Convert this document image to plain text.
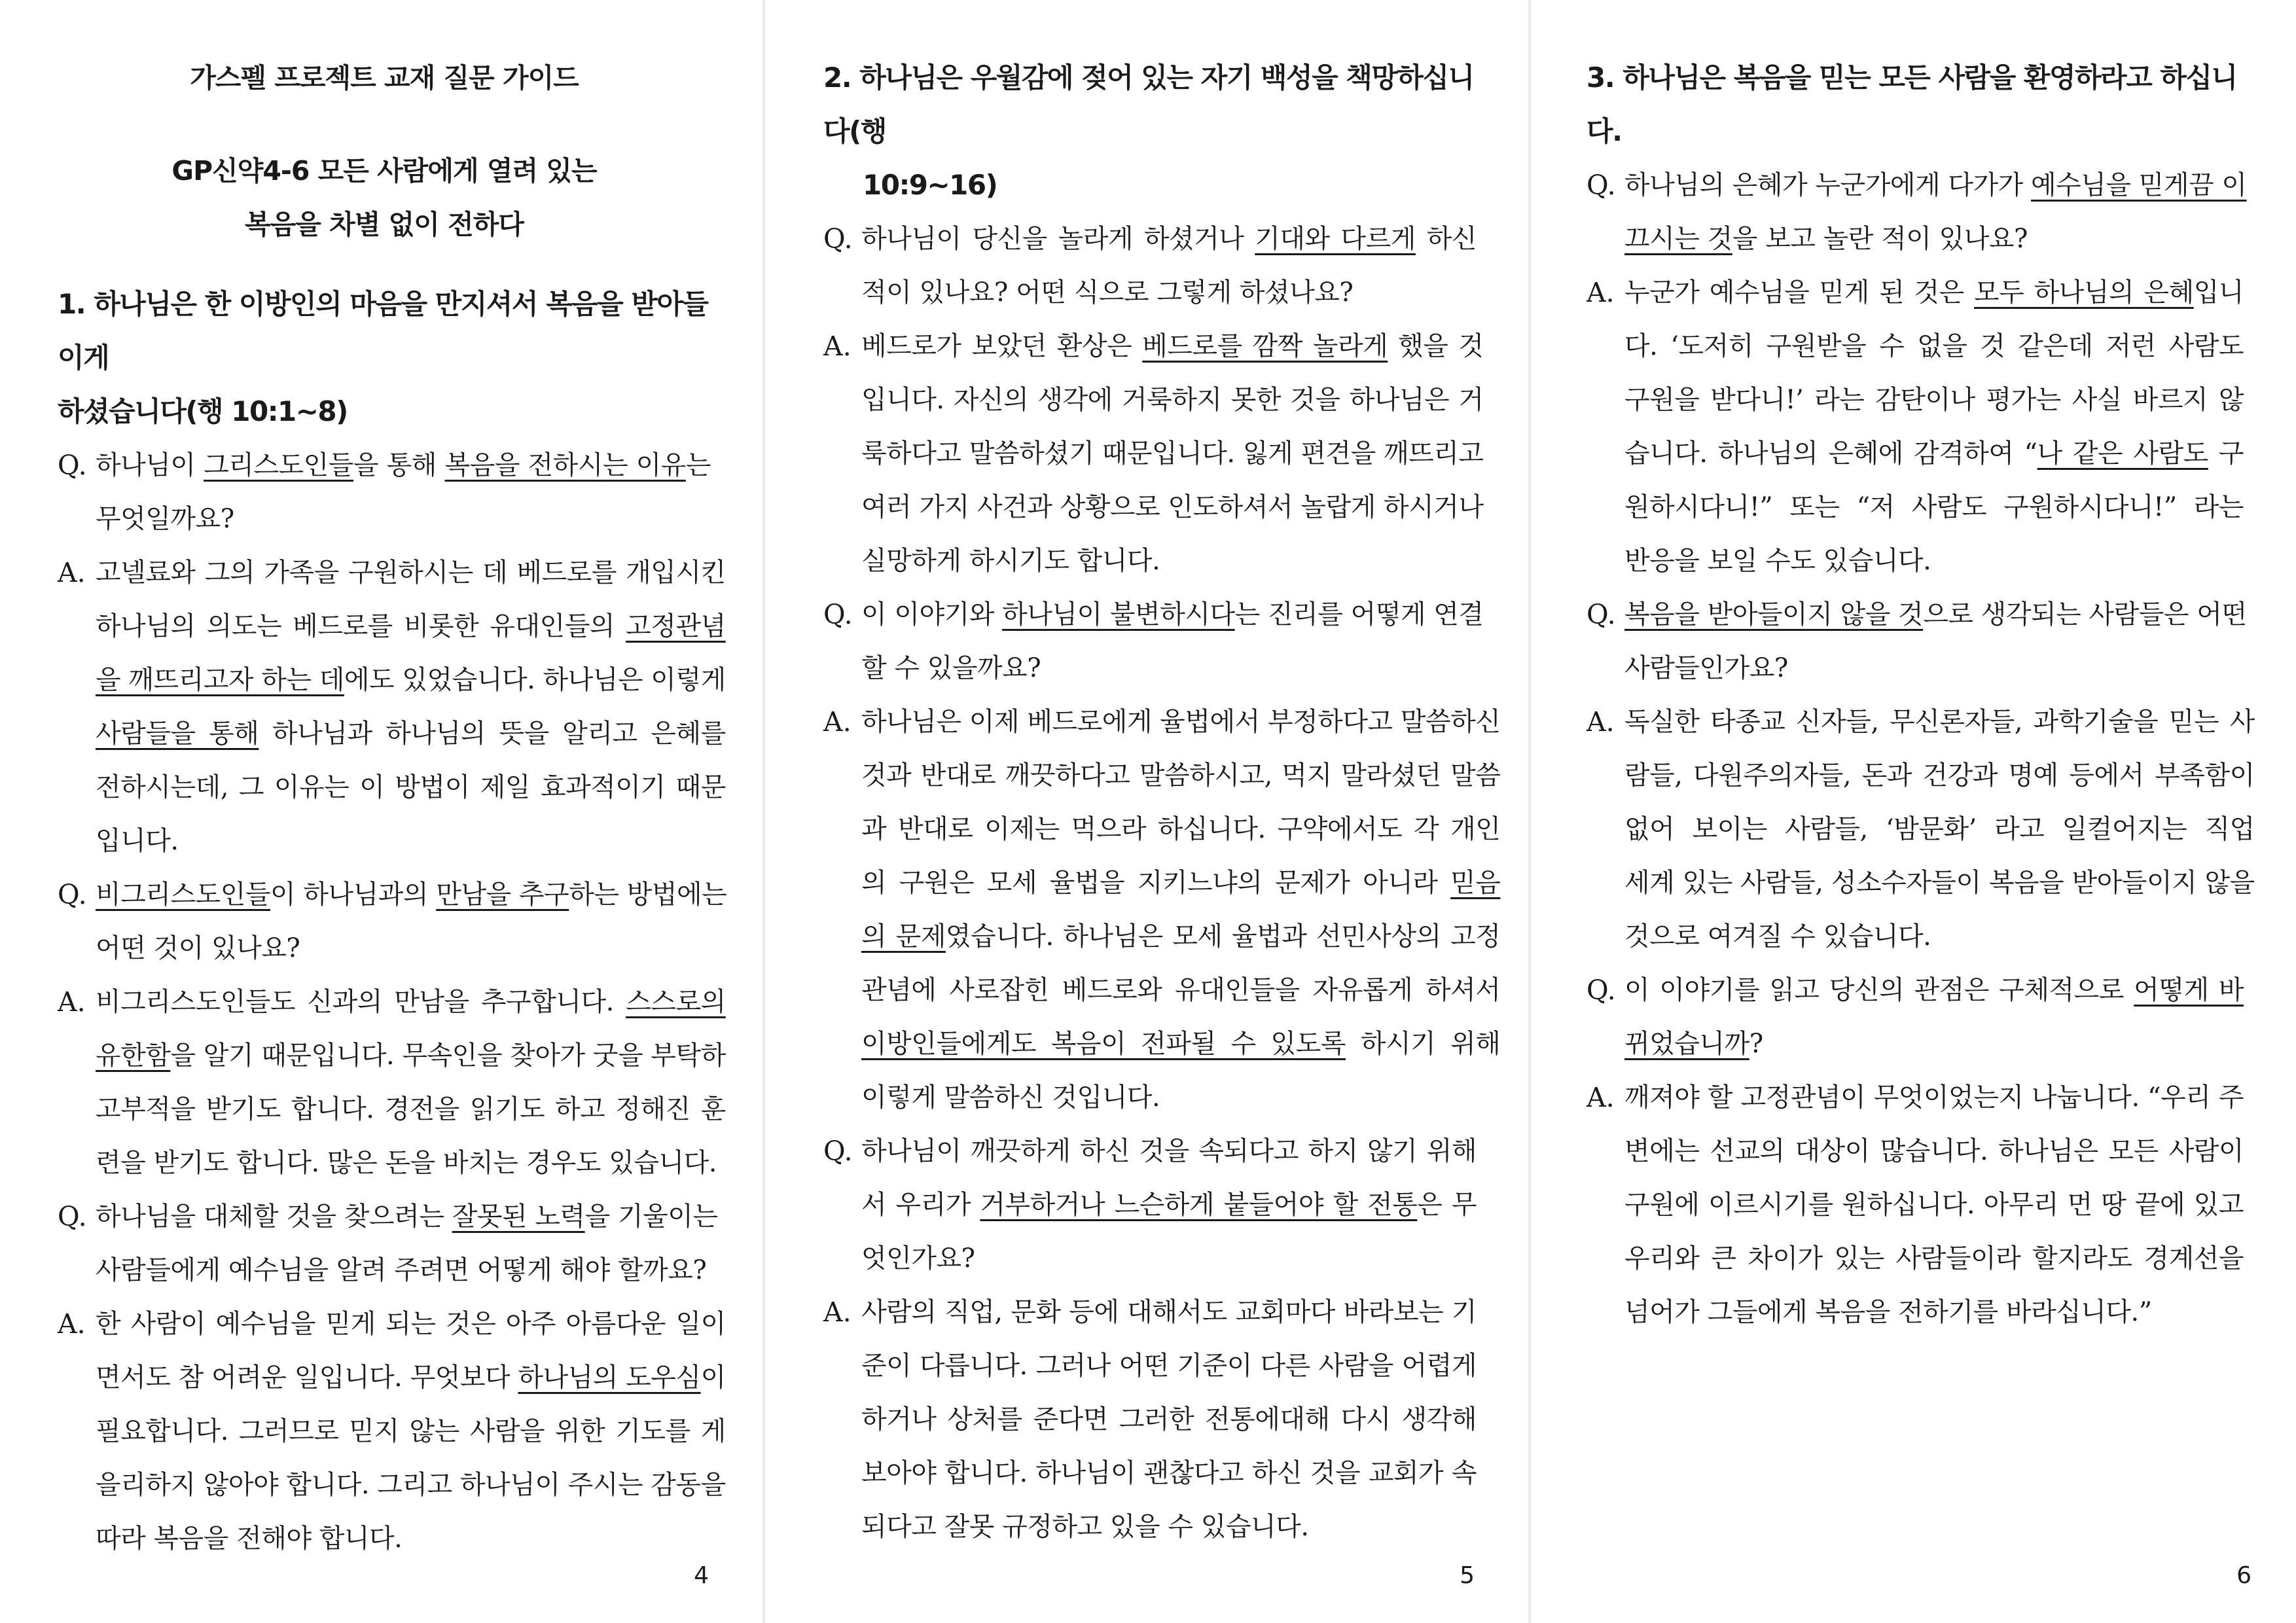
가스펠 프로젝트 교재 질문 가이드
GP신약4-6 모든 사람에게 열려 있는
복음을 차별 없이 전하다
1. 하나님은 한 이방인의 마음을 만지셔서 복음을 받아들이게
하셨습니다(행 10:1~8)
Q. 하나님이 그리스도인들을 통해 복음을 전하시는 이유는
무엇일까요?
A. 고넬료와 그의 가족을 구원하시는 데 베드로를 개입시킨
하나님의 의도는 베드로를 비롯한 유대인들의 고정관념
을 깨뜨리고자 하는 데에도 있었습니다. 하나님은 이렇게
사람들을 통해 하나님과 하나님의 뜻을 알리고 은혜를
전하시는데, 그 이유는 이 방법이 제일 효과적이기 때문
입니다.
Q. 비그리스도인들이 하나님과의 만남을 추구하는 방법에는
어떤 것이 있나요?
A. 비그리스도인들도 신과의 만남을 추구합니다. 스스로의
유한함을 알기 때문입니다. 무속인을 찾아가 굿을 부탁하
고부적을 받기도 합니다. 경전을 읽기도 하고 정해진 훈
련을 받기도 합니다. 많은 돈을 바치는 경우도 있습니다.
Q. 하나님을 대체할 것을 찾으려는 잘못된 노력을 기울이는
사람들에게 예수님을 알려 주려면 어떻게 해야 할까요?
A. 한 사람이 예수님을 믿게 되는 것은 아주 아름다운 일이
면서도 참 어려운 일입니다. 무엇보다 하나님의 도우심이
필요합니다. 그러므로 믿지 않는 사람을 위한 기도를 게
을리하지 않아야 합니다. 그리고 하나님이 주시는 감동을
따라 복음을 전해야 합니다.
4
2. 하나님은 우월감에 젖어 있는 자기 백성을 책망하십니다(행
10:9~16)
Q. 하나님이 당신을 놀라게 하셨거나 기대와 다르게 하신
적이 있나요? 어떤 식으로 그렇게 하셨나요?
A. 베드로가 보았던 환상은 베드로를 깜짝 놀라게 했을 것
입니다. 자신의 생각에 거룩하지 못한 것을 하나님은 거
룩하다고 말씀하셨기 때문입니다. 잃게 편견을 깨뜨리고
여러 가지 사건과 상황으로 인도하셔서 놀랍게 하시거나
실망하게 하시기도 합니다.
Q. 이 이야기와 하나님이 불변하시다는 진리를 어떻게 연결
할 수 있을까요?
A. 하나님은 이제 베드로에게 율법에서 부정하다고 말씀하신
것과 반대로 깨끗하다고 말씀하시고, 먹지 말라셨던 말씀
과 반대로 이제는 먹으라 하십니다. 구약에서도 각 개인
의 구원은 모세 율법을 지키느냐의 문제가 아니라 믿음
의 문제였습니다. 하나님은 모세 율법과 선민사상의 고정
관념에 사로잡힌 베드로와 유대인들을 자유롭게 하셔서
이방인들에게도 복음이 전파될 수 있도록 하시기 위해
이렇게 말씀하신 것입니다.
Q. 하나님이 깨끗하게 하신 것을 속되다고 하지 않기 위해
서 우리가 거부하거나 느슨하게 붙들어야 할 전통은 무
엇인가요?
A. 사람의 직업, 문화 등에 대해서도 교회마다 바라보는 기
준이 다릅니다. 그러나 어떤 기준이 다른 사람을 어렵게
하거나 상처를 준다면 그러한 전통에대해 다시 생각해
보아야 합니다. 하나님이 괜찮다고 하신 것을 교회가 속
되다고 잘못 규정하고 있을 수 있습니다.
5
3. 하나님은 복음을 믿는 모든 사람을 환영하라고 하십니다.
Q. 하나님의 은혜가 누군가에게 다가가 예수님을 믿게끔 이
끄시는 것을 보고 놀란 적이 있나요?
A. 누군가 예수님을 믿게 된 것은 모두 하나님의 은혜입니
다. ‘도저히 구원받을 수 없을 것 같은데 저런 사람도
구원을 받다니!’ 라는 감탄이나 평가는 사실 바르지 않
습니다. 하나님의 은혜에 감격하여 “나 같은 사람도 구
원하시다니!” 또는 “저 사람도 구원하시다니!” 라는
반응을 보일 수도 있습니다.
Q. 복음을 받아들이지 않을 것으로 생각되는 사람들은 어떤
사람들인가요?
A. 독실한 타종교 신자들, 무신론자들, 과학기술을 믿는 사
람들, 다원주의자들, 돈과 건강과 명예 등에서 부족함이
없어 보이는 사람들, ‘밤문화’ 라고 일컬어지는 직업
세계 있는 사람들, 성소수자들이 복음을 받아들이지 않을
것으로 여겨질 수 있습니다.
Q. 이 이야기를 읽고 당신의 관점은 구체적으로 어떻게 바
뀌었습니까?
A. 깨져야 할 고정관념이 무엇이었는지 나눕니다. “우리 주
변에는 선교의 대상이 많습니다. 하나님은 모든 사람이
구원에 이르시기를 원하십니다. 아무리 먼 땅 끝에 있고
우리와 큰 차이가 있는 사람들이라 할지라도 경계선을
넘어가 그들에게 복음을 전하기를 바라십니다.”
6
